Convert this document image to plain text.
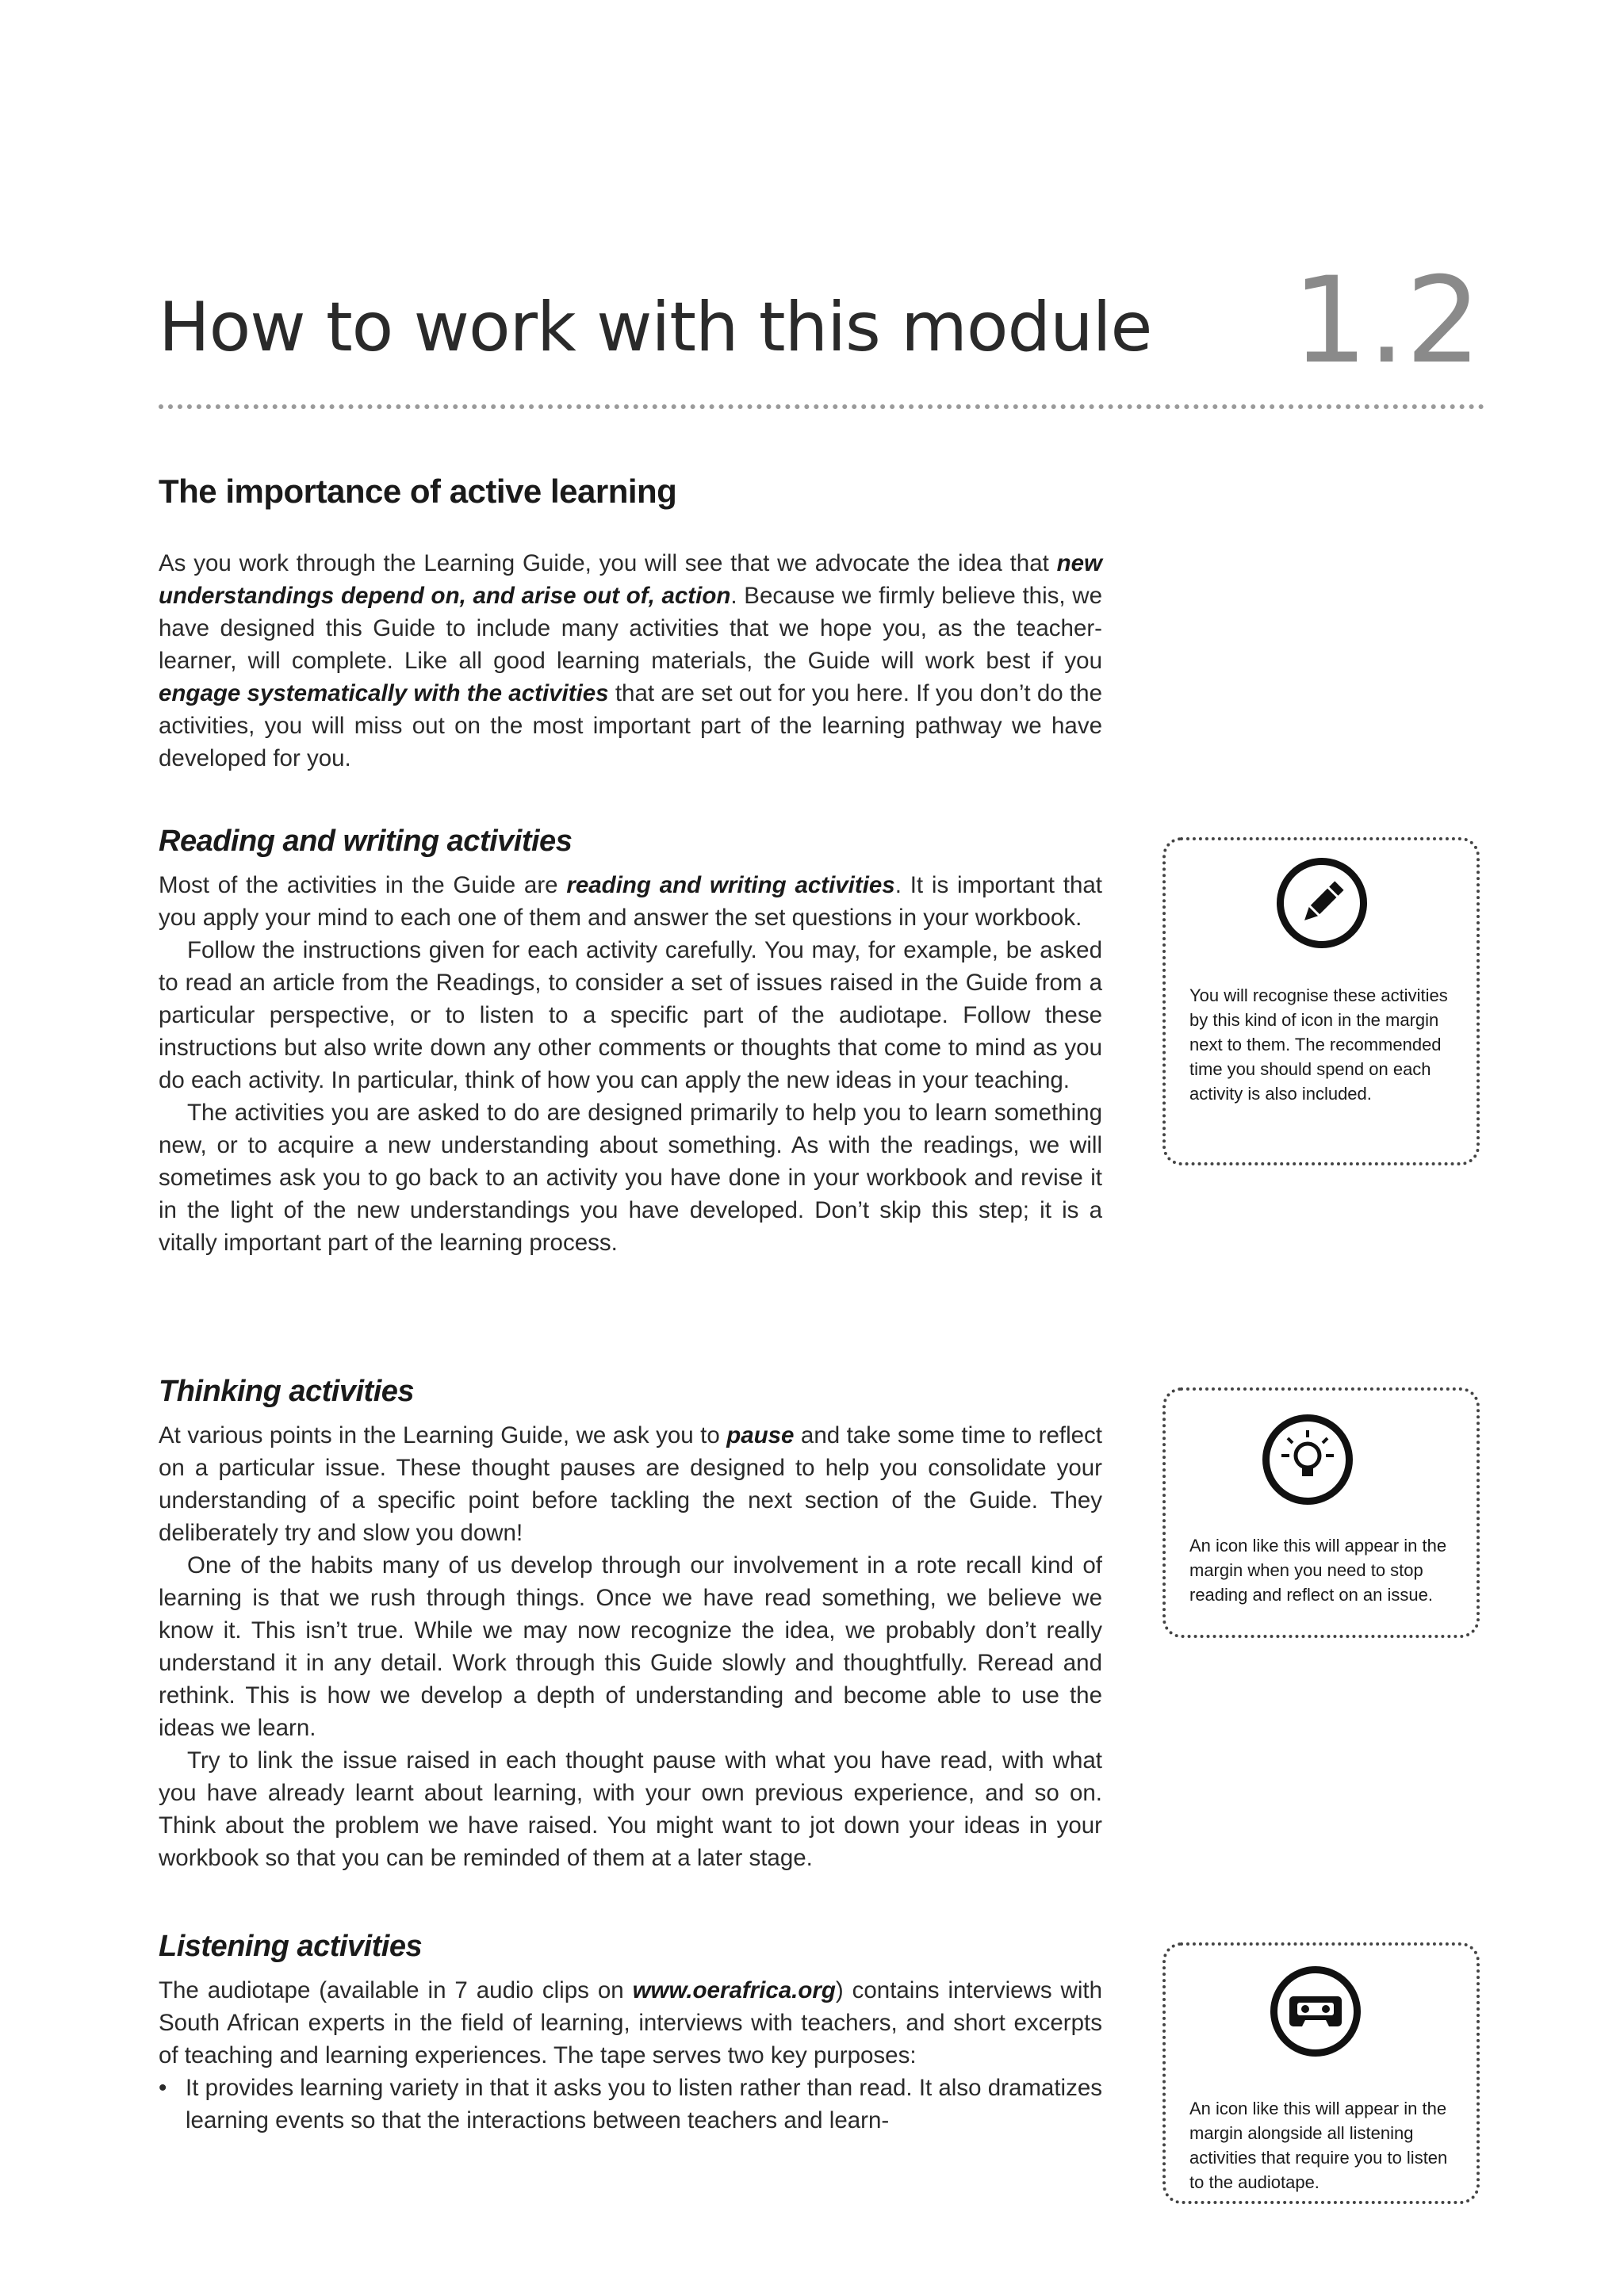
How to work with this module 1.2
The importance of active learning

As you work through the Learning Guide, you will see that we advocate the idea that new understandings depend on, and arise out of, action. Because we firmly believe this, we have designed this Guide to include many activities that we hope you, as the teacher-learner, will complete. Like all good learning materials, the Guide will work best if you engage systematically with the activities that are set out for you here. If you don’t do the activities, you will miss out on the most important part of the learning pathway we have developed for you.

Reading and writing activities

Most of the activities in the Guide are reading and writing activities. It is important that you apply your mind to each one of them and answer the set questions in your workbook.

Follow the instructions given for each activity carefully. You may, for example, be asked to read an article from the Readings, to consider a set of issues raised in the Guide from a particular perspective, or to listen to a specific part of the audiotape. Follow these instructions but also write down any other comments or thoughts that come to mind as you do each activity. In particular, think of how you can apply the new ideas in your teaching.

The activities you are asked to do are designed primarily to help you to learn something new, or to acquire a new understanding about something. As with the readings, we will sometimes ask you to go back to an activity you have done in your workbook and revise it in the light of the new understandings you have developed. Don’t skip this step; it is a vitally important part of the learning process.

You will recognise these activities by this kind of icon in the margin next to them. The recommended time you should spend on each activity is also included.
Thinking activities

At various points in the Learning Guide, we ask you to pause and take some time to reflect on a particular issue. These thought pauses are designed to help you consolidate your understanding of a specific point before tackling the next section of the Guide. They deliberately try and slow you down!

One of the habits many of us develop through our involvement in a rote recall kind of learning is that we rush through things. Once we have read something, we believe we know it. This isn’t true. While we may now recognize the idea, we probably don’t really understand it in any detail. Work through this Guide slowly and thoughtfully. Reread and rethink. This is how we develop a depth of understanding and become able to use the ideas we learn.

Try to link the issue raised in each thought pause with what you have read, with what you have already learnt about learning, with your own previous experience, and so on. Think about the problem we have raised. You might want to jot down your ideas in your workbook so that you can be reminded of them at a later stage.

An icon like this will appear in the margin when you need to stop reading and reflect on an issue.
Listening activities

The audiotape (available in 7 audio clips on www.oerafrica.org) contains interviews with South African experts in the field of learning, interviews with teachers, and short excerpts of teaching and learning experiences. The tape serves two key purposes:

• It provides learning variety in that it asks you to listen rather than read. It also dramatizes learning events so that the interactions between teachers and learn-	An icon like this will appear in the margin alongside all listening activities that require you to listen to the audiotape.
